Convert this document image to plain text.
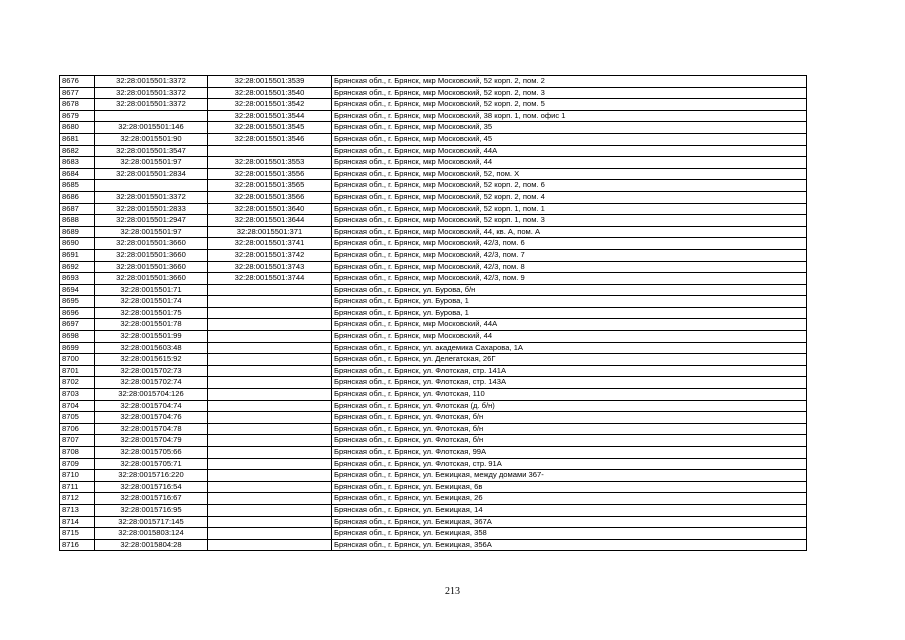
8676	32:28:0015501:3372	32:28:0015501:3539	Брянская обл., г. Брянск, мкр Московский, 52 корп. 2, пом. 2
8677	32:28:0015501:3372	32:28:0015501:3540	Брянская обл., г. Брянск, мкр Московский, 52 корп. 2, пом. 3
8678	32:28:0015501:3372	32:28:0015501:3542	Брянская обл., г. Брянск, мкр Московский, 52 корп. 2, пом. 5
8679		32:28:0015501:3544	Брянская обл., г. Брянск, мкр Московский, 38 корп. 1, пом. офис 1
8680	32:28:0015501:146	32:28:0015501:3545	Брянская обл., г. Брянск, мкр Московский, 35
8681	32:28:0015501:90	32:28:0015501:3546	Брянская обл., г. Брянск, мкр Московский, 45
8682	32:28:0015501:3547		Брянская обл., г. Брянск, мкр Московский, 44А
8683	32:28:0015501:97	32:28:0015501:3553	Брянская обл., г. Брянск, мкр Московский, 44
8684	32:28:0015501:2834	32:28:0015501:3556	Брянская обл., г. Брянск, мкр Московский, 52, пом. X
8685		32:28:0015501:3565	Брянская обл., г. Брянск, мкр Московский, 52 корп. 2, пом. 6
8686	32:28:0015501:3372	32:28:0015501:3566	Брянская обл., г. Брянск, мкр Московский, 52 корп. 2, пом. 4
8687	32:28:0015501:2833	32:28:0015501:3640	Брянская обл., г. Брянск, мкр Московский, 52 корп. 1, пом. 1
8688	32:28:0015501:2947	32:28:0015501:3644	Брянская обл., г. Брянск, мкр Московский, 52 корп. 1, пом. 3
8689	32:28:0015501:97	32:28:0015501:371	Брянская обл., г. Брянск, мкр Московский, 44, кв. А, пом. А
8690	32:28:0015501:3660	32:28:0015501:3741	Брянская обл., г. Брянск, мкр Московский, 42/3, пом. 6
8691	32:28:0015501:3660	32:28:0015501:3742	Брянская обл., г. Брянск, мкр Московский, 42/3, пом. 7
8692	32:28:0015501:3660	32:28:0015501:3743	Брянская обл., г. Брянск, мкр Московский, 42/3, пом. 8
8693	32:28:0015501:3660	32:28:0015501:3744	Брянская обл., г. Брянск, мкр Московский, 42/3, пом. 9
8694	32:28:0015501:71		Брянская обл., г. Брянск, ул. Бурова, б/н
8695	32:28:0015501:74		Брянская обл., г. Брянск, ул. Бурова, 1
8696	32:28:0015501:75		Брянская обл., г. Брянск, ул. Бурова, 1
8697	32:28:0015501:78		Брянская обл., г. Брянск, мкр Московский, 44А
8698	32:28:0015501:99		Брянская обл., г. Брянск, мкр Московский, 44
8699	32:28:0015603:48		Брянская обл., г. Брянск, ул. академика Сахарова, 1А
8700	32:28:0015615:92		Брянская обл., г. Брянск, ул. Делегатская, 26Г
8701	32:28:0015702:73		Брянская обл., г. Брянск, ул. Флотская, стр. 141А
8702	32:28:0015702:74		Брянская обл., г. Брянск, ул. Флотская, стр. 143А
8703	32:28:0015704:126		Брянская обл., г. Брянск, ул. Флотская, 110
8704	32:28:0015704:74		Брянская обл., г. Брянск, ул. Флотская (д. б/н)
8705	32:28:0015704:76		Брянская обл., г. Брянск, ул. Флотская, б/н
8706	32:28:0015704:78		Брянская обл., г. Брянск, ул. Флотская, б/н
8707	32:28:0015704:79		Брянская обл., г. Брянск, ул. Флотская, б/н
8708	32:28:0015705:66		Брянская обл., г. Брянск, ул. Флотская, 99А
8709	32:28:0015705:71		Брянская обл., г. Брянск, ул. Флотская, стр. 91А
8710	32:28:0015716:220		Брянская обл., г. Брянск, ул. Бежицкая, между домами 367-
8711	32:28:0015716:54		Брянская обл., г. Брянск, ул. Бежицкая, 6в
8712	32:28:0015716:67		Брянская обл., г. Брянск, ул. Бежицкая, 26
8713	32:28:0015716:95		Брянская обл., г. Брянск, ул. Бежицкая, 14
8714	32:28:0015717:145		Брянская обл., г. Брянск, ул. Бежицкая, 367А
8715	32:28:0015803:124		Брянская обл., г. Брянск, ул. Бежицкая, 358
8716	32:28:0015804:28		Брянская обл., г. Брянск, ул. Бежицкая, 356А
213
